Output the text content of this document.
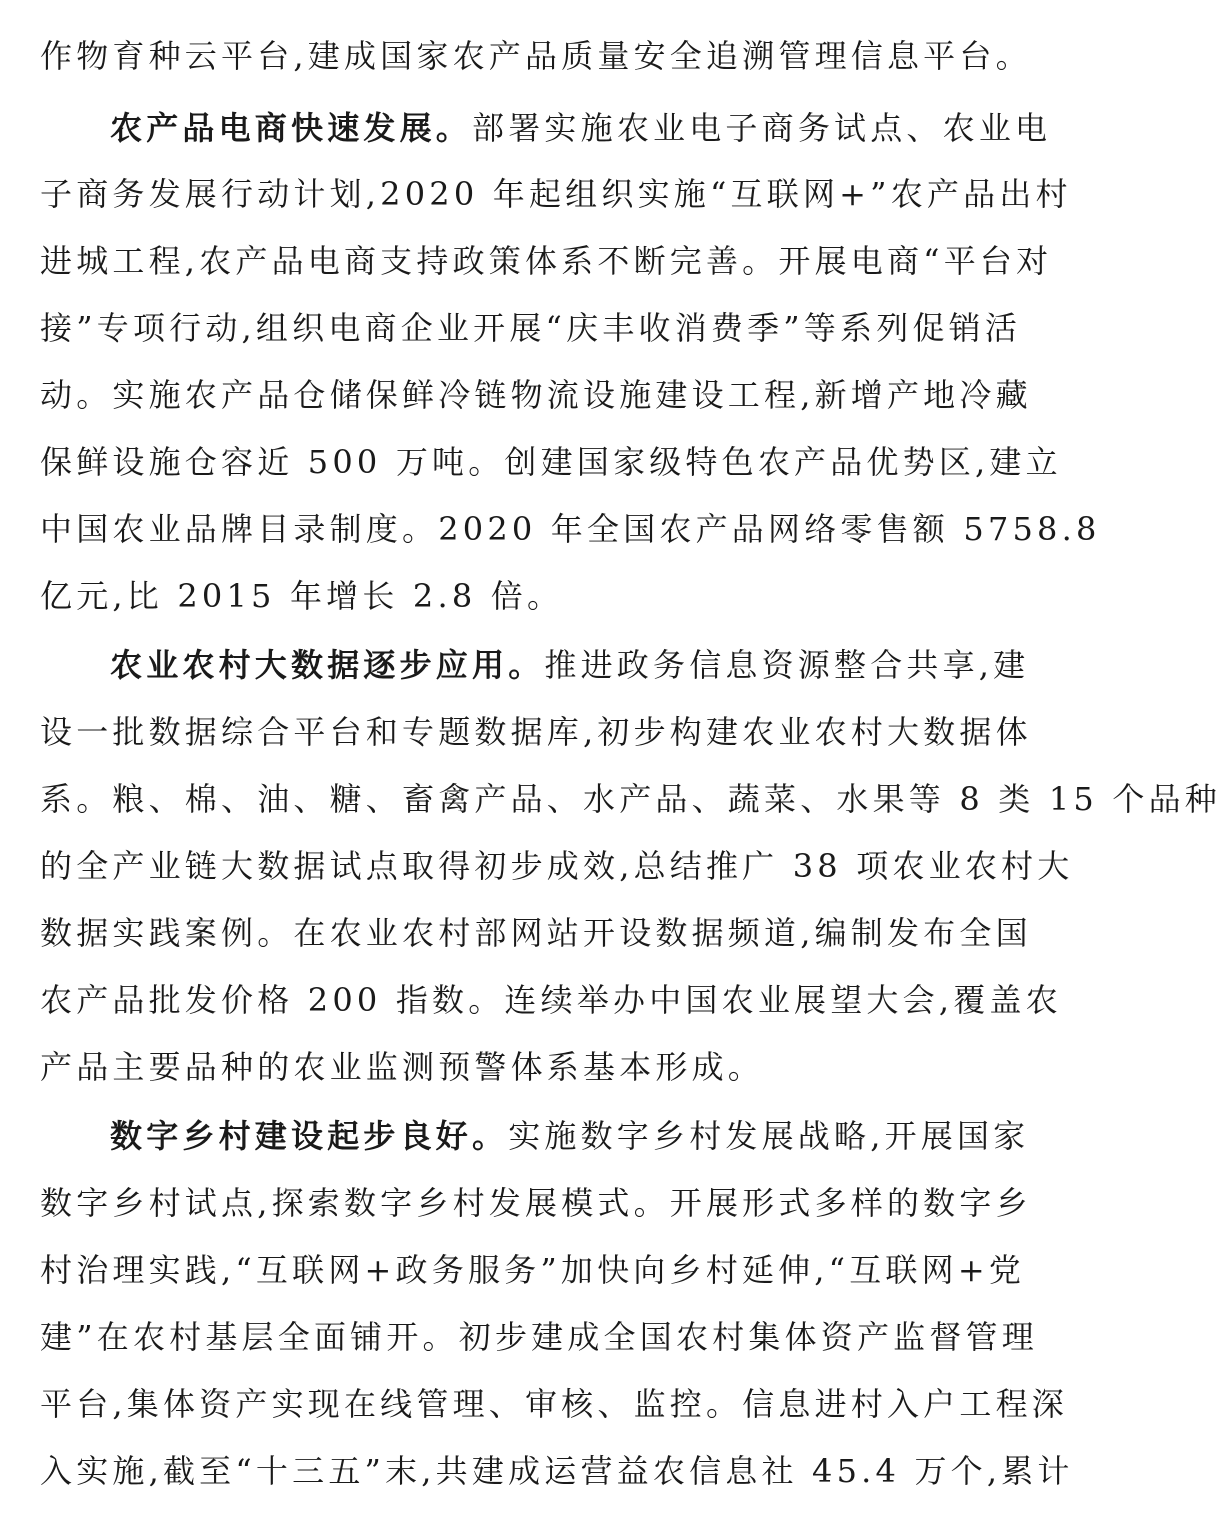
作物育种云平台,建成国家农产品质量安全追溯管理信息平台。
农产品电商快速发展。部署实施农业电子商务试点、农业电
子商务发展行动计划,2020 年起组织实施“互联网+”农产品出村
进城工程,农产品电商支持政策体系不断完善。开展电商“平台对
接”专项行动,组织电商企业开展“庆丰收消费季”等系列促销活
动。实施农产品仓储保鲜冷链物流设施建设工程,新增产地冷藏
保鲜设施仓容近 500 万吨。创建国家级特色农产品优势区,建立
中国农业品牌目录制度。2020 年全国农产品网络零售额 5758.8
亿元,比 2015 年增长 2.8 倍。
农业农村大数据逐步应用。推进政务信息资源整合共享,建
设一批数据综合平台和专题数据库,初步构建农业农村大数据体
系。粮、棉、油、糖、畜禽产品、水产品、蔬菜、水果等 8 类 15 个品种
的全产业链大数据试点取得初步成效,总结推广 38 项农业农村大
数据实践案例。在农业农村部网站开设数据频道,编制发布全国
农产品批发价格 200 指数。连续举办中国农业展望大会,覆盖农
产品主要品种的农业监测预警体系基本形成。
数字乡村建设起步良好。实施数字乡村发展战略,开展国家
数字乡村试点,探索数字乡村发展模式。开展形式多样的数字乡
村治理实践,“互联网+政务服务”加快向乡村延伸,“互联网+党
建”在农村基层全面铺开。初步建成全国农村集体资产监督管理
平台,集体资产实现在线管理、审核、监控。信息进村入户工程深
入实施,截至“十三五”末,共建成运营益农信息社 45.4 万个,累计
